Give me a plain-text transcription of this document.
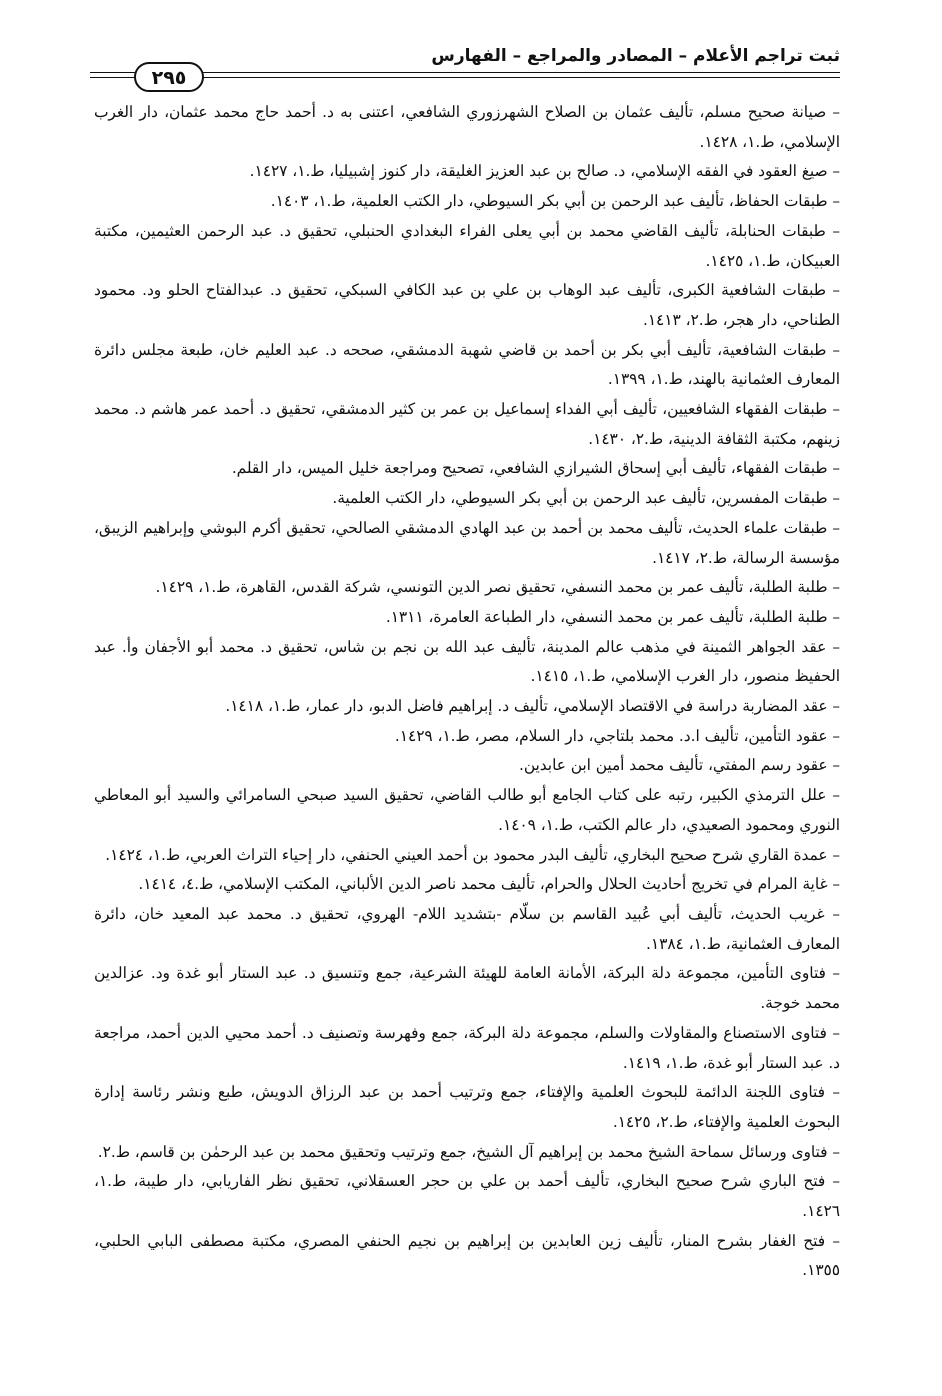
ثبت تراجم الأعلام – المصادر والمراجع – الفهارس
٢٩٥
– صيانة صحيح مسلم، تأليف عثمان بن الصلاح الشهرزوري الشافعي، اعتنى به د. أحمد حاج محمد عثمان، دار الغرب الإسلامي، ط.١، ١٤٢٨.
– صيغ العقود في الفقه الإسلامي، د. صالح بن عبد العزيز الغليقة، دار كنوز إشبيليا، ط.١، ١٤٢٧.
– طبقات الحفاظ، تأليف عبد الرحمن بن أبي بكر السيوطي، دار الكتب العلمية، ط.١، ١٤٠٣.
– طبقات الحنابلة، تأليف القاضي محمد بن أبي يعلى الفراء البغدادي الحنبلي، تحقيق د. عبد الرحمن العثيمين، مكتبة العبيكان، ط.١، ١٤٢٥.
– طبقات الشافعية الكبرى، تأليف عبد الوهاب بن علي بن عبد الكافي السبكي، تحقيق د. عبدالفتاح الحلو ود. محمود الطناحي، دار هجر، ط.٢، ١٤١٣.
– طبقات الشافعية، تأليف أبي بكر بن أحمد بن قاضي شهبة الدمشقي، صححه د. عبد العليم خان، طبعة مجلس دائرة المعارف العثمانية بالهند، ط.١، ١٣٩٩.
– طبقات الفقهاء الشافعيين، تأليف أبي الفداء إسماعيل بن عمر بن كثير الدمشقي، تحقيق د. أحمد عمر هاشم د. محمد زينهم، مكتبة الثقافة الدينية، ط.٢، ١٤٣٠.
– طبقات الفقهاء، تأليف أبي إسحاق الشيرازي الشافعي، تصحيح ومراجعة خليل الميس، دار القلم.
– طبقات المفسرين، تأليف عبد الرحمن بن أبي بكر السيوطي، دار الكتب العلمية.
– طبقات علماء الحديث، تأليف محمد بن أحمد بن عبد الهادي الدمشقي الصالحي، تحقيق أكرم البوشي وإبراهيم الزيبق، مؤسسة الرسالة، ط.٢، ١٤١٧.
– طلبة الطلبة، تأليف عمر بن محمد النسفي، تحقيق نصر الدين التونسي، شركة القدس، القاهرة، ط.١، ١٤٢٩.
– طلبة الطلبة، تأليف عمر بن محمد النسفي، دار الطباعة العامرة، ١٣١١.
– عقد الجواهر الثمينة في مذهب عالم المدينة، تأليف عبد الله بن نجم بن شاس، تحقيق د. محمد أبو الأجفان وأ. عبد الحفيظ منصور، دار الغرب الإسلامي، ط.١، ١٤١٥.
– عقد المضاربة دراسة في الاقتصاد الإسلامي، تأليف د. إبراهيم فاضل الدبو، دار عمار، ط.١، ١٤١٨.
– عقود التأمين، تأليف ا.د. محمد بلتاجي، دار السلام، مصر، ط.١، ١٤٢٩.
– عقود رسم المفتي، تأليف محمد أمين ابن عابدين.
– علل الترمذي الكبير، رتبه على كتاب الجامع أبو طالب القاضي، تحقيق السيد صبحي السامرائي والسيد أبو المعاطي النوري ومحمود الصعيدي، دار عالم الكتب، ط.١، ١٤٠٩.
– عمدة القاري شرح صحيح البخاري، تأليف البدر محمود بن أحمد العيني الحنفي، دار إحياء التراث العربي، ط.١، ١٤٢٤.
– غاية المرام في تخريج أحاديث الحلال والحرام، تأليف محمد ناصر الدين الألباني، المكتب الإسلامي، ط.٤، ١٤١٤.
– غريب الحديث، تأليف أبي عُبيد القاسم بن سلّام -بتشديد اللام- الهروي، تحقيق د. محمد عبد المعيد خان، دائرة المعارف العثمانية، ط.١، ١٣٨٤.
– فتاوى التأمين، مجموعة دلة البركة، الأمانة العامة للهيئة الشرعية، جمع وتنسيق د. عبد الستار أبو غدة ود. عزالدين محمد خوجة.
– فتاوى الاستصناع والمقاولات والسلم، مجموعة دلة البركة، جمع وفهرسة وتصنيف د. أحمد محيي الدين أحمد، مراجعة د. عبد الستار أبو غدة، ط.١، ١٤١٩.
– فتاوى اللجنة الدائمة للبحوث العلمية والإفتاء، جمع وترتيب أحمد بن عبد الرزاق الدويش، طبع ونشر رئاسة إدارة البحوث العلمية والإفتاء، ط.٢، ١٤٢٥.
– فتاوى ورسائل سماحة الشيخ محمد بن إبراهيم آل الشيخ، جمع وترتيب وتحقيق محمد بن عبد الرحمٰن بن قاسم، ط.٢.
– فتح الباري شرح صحيح البخاري، تأليف أحمد بن علي بن حجر العسقلاني، تحقيق نظر الفاريابي، دار طيبة، ط.١، ١٤٢٦.
– فتح الغفار بشرح المنار، تأليف زين العابدين بن إبراهيم بن نجيم الحنفي المصري، مكتبة مصطفى البابي الحلبي، ١٣٥٥.
